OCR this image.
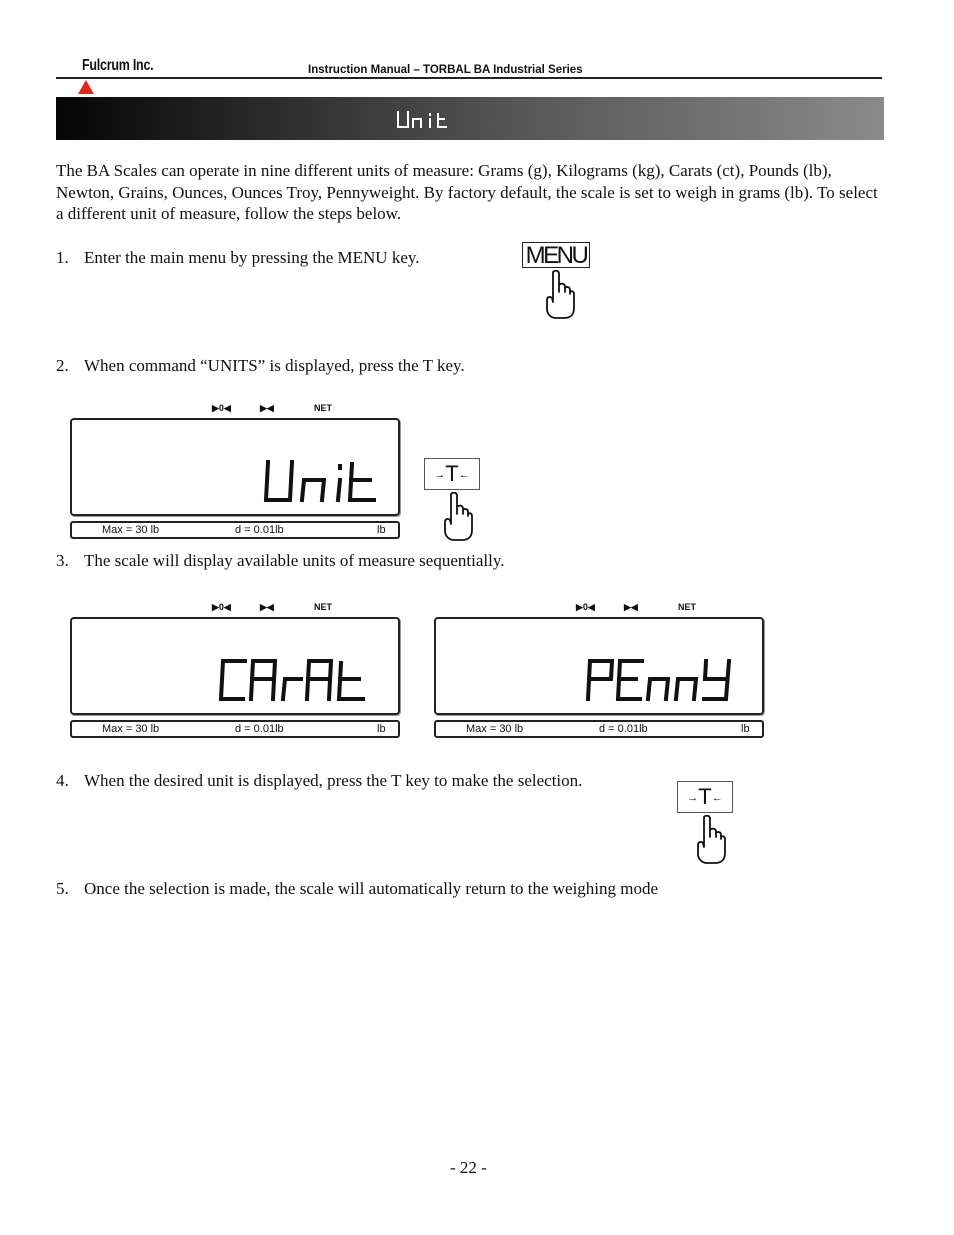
Fulcrum Inc.	Instruction Manual – TORBAL BA Industrial Series
The BA Scales can operate in nine different units of measure: Grams (g), Kilograms (kg), Carats (ct), Pounds (lb), Newton, Grains, Ounces, Ounces Troy, Pennyweight. By factory default, the scale is set to weigh in grams (lb). To select a different unit of measure, follow the steps below.
1. Enter the main menu by pressing the MENU key.	MENU
2. When command “UNITS” is displayed, press the T key.
▶0◀	▶◀	NET
Max = 30 lb	d = 0.01lb	lb
→T←
3. The scale will display available units of measure sequentially.
▶0◀	▶◀	NET
Max = 30 lb	d = 0.01lb	lb
▶0◀	▶◀	NET
Max = 30 lb	d = 0.01lb	lb
4. When the desired unit is displayed, press the T key to make the selection.
→T←
5. Once the selection is made, the scale will automatically return to the weighing mode
- 22 -
